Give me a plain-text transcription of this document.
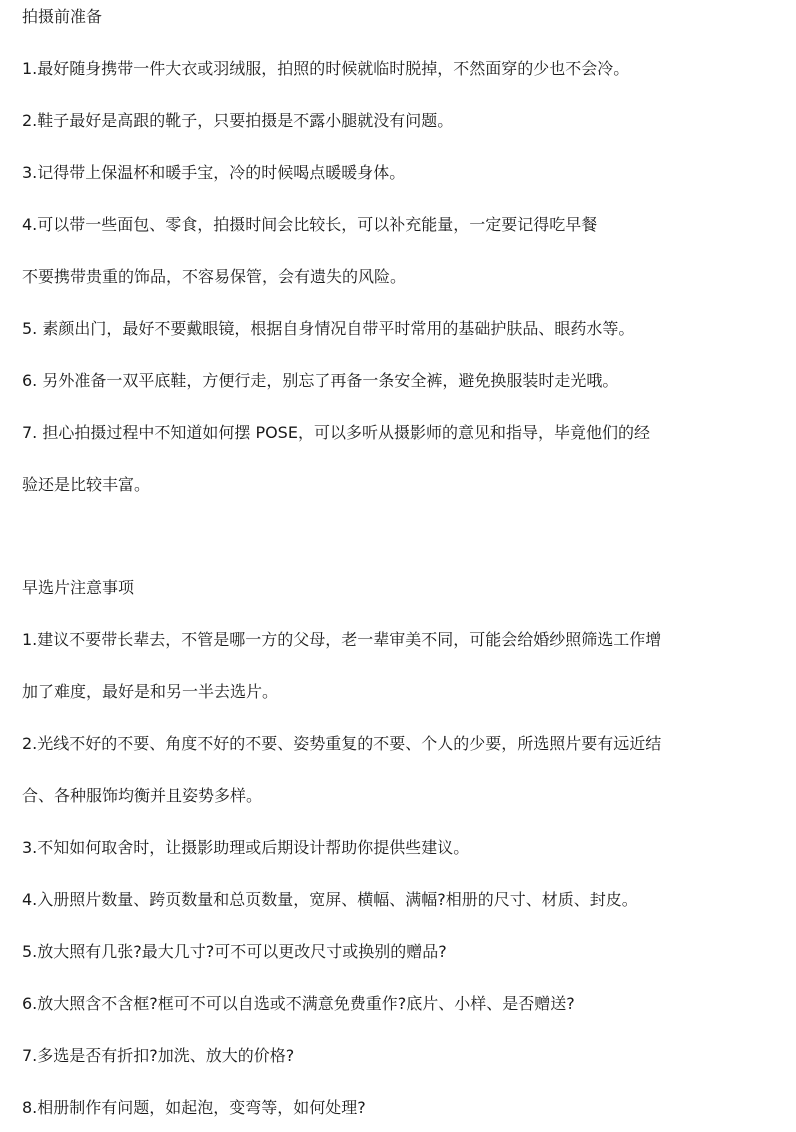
拍摄前准备
1.最好随身携带一件大衣或羽绒服，拍照的时候就临时脱掉，不然面穿的少也不会冷。
2.鞋子最好是高跟的靴子，只要拍摄是不露小腿就没有问题。
3.记得带上保温杯和暖手宝，冷的时候喝点暖暖身体。
4.可以带一些面包、零食，拍摄时间会比较长，可以补充能量，一定要记得吃早餐
不要携带贵重的饰品，不容易保管，会有遗失的风险。
5. 素颜出门，最好不要戴眼镜，根据自身情况自带平时常用的基础护肤品、眼药水等。
6. 另外准备一双平底鞋，方便行走，别忘了再备一条安全裤，避免换服装时走光哦。
7. 担心拍摄过程中不知道如何摆 POSE，可以多听从摄影师的意见和指导，毕竟他们的经
验还是比较丰富。
早选片注意事项
1.建议不要带长辈去，不管是哪一方的父母，老一辈审美不同，可能会给婚纱照筛选工作增
加了难度，最好是和另一半去选片。
2.光线不好的不要、角度不好的不要、姿势重复的不要、个人的少要，所选照片要有远近结
合、各种服饰均衡并且姿势多样。
3.不知如何取舍时，让摄影助理或后期设计帮助你提供些建议。
4.入册照片数量、跨页数量和总页数量，宽屏、横幅、满幅?相册的尺寸、材质、封皮。
5.放大照有几张?最大几寸?可不可以更改尺寸或换别的赠品?
6.放大照含不含框?框可不可以自选或不满意免费重作?底片、小样、是否赠送?
7.多选是否有折扣?加洗、放大的价格?
8.相册制作有问题，如起泡，变弯等，如何处理?
